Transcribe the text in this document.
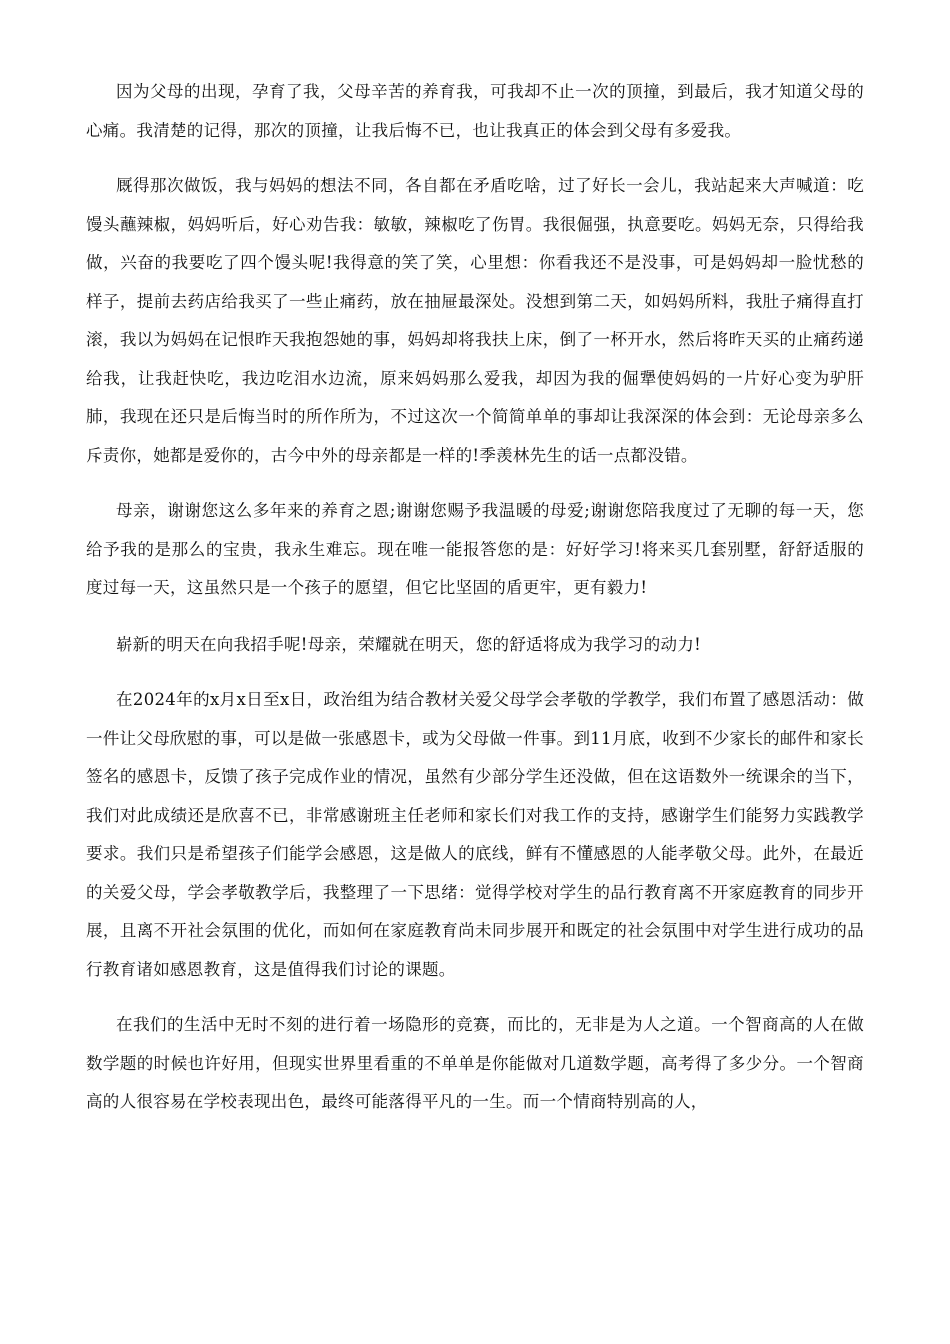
因为父母的出现，孕育了我，父母辛苦的养育我，可我却不止一次的顶撞，到最后，我才知道父母的心痛。我清楚的记得，那次的顶撞，让我后悔不已，也让我真正的体会到父母有多爱我。

厩得那次做饭，我与妈妈的想法不同，各自都在矛盾吃啥，过了好长一会儿，我站起来大声喊道：吃馒头蘸辣椒，妈妈听后，好心劝告我：敏敏，辣椒吃了伤胃。我很倔强，执意要吃。妈妈无奈，只得给我做，兴奋的我要吃了四个馒头呢!我得意的笑了笑，心里想：你看我还不是没事，可是妈妈却一脸忧愁的样子，提前去药店给我买了一些止痛药，放在抽屉最深处。没想到第二天，如妈妈所料，我肚子痛得直打滚，我以为妈妈在记恨昨天我抱怨她的事，妈妈却将我扶上床，倒了一杯开水，然后将昨天买的止痛药递给我，让我赶快吃，我边吃泪水边流，原来妈妈那么爱我，却因为我的倔犟使妈妈的一片好心变为驴肝肺，我现在还只是后悔当时的所作所为，不过这次一个简简单单的事却让我深深的体会到：无论母亲多么斥责你，她都是爱你的，古今中外的母亲都是一样的!季羡林先生的话一点都没错。

母亲，谢谢您这么多年来的养育之恩;谢谢您赐予我温暖的母爱;谢谢您陪我度过了无聊的每一天，您给予我的是那么的宝贵，我永生难忘。现在唯一能报答您的是：好好学习!将来买几套别墅，舒舒适服的度过每一天，这虽然只是一个孩子的愿望，但它比坚固的盾更牢，更有毅力!

崭新的明天在向我招手呢!母亲，荣耀就在明天，您的舒适将成为我学习的动力!

在2024年的x月x日至x日，政治组为结合教材关爱父母学会孝敬的学教学，我们布置了感恩活动：做一件让父母欣慰的事，可以是做一张感恩卡，或为父母做一件事。到11月底，收到不少家长的邮件和家长签名的感恩卡，反馈了孩子完成作业的情况，虽然有少部分学生还没做，但在这语数外一统课余的当下，我们对此成绩还是欣喜不已，非常感谢班主任老师和家长们对我工作的支持，感谢学生们能努力实践教学要求。我们只是希望孩子们能学会感恩，这是做人的底线，鲜有不懂感恩的人能孝敬父母。此外，在最近的关爱父母，学会孝敬教学后，我整理了一下思绪：觉得学校对学生的品行教育离不开家庭教育的同步开展，且离不开社会氛围的优化，而如何在家庭教育尚未同步展开和既定的社会氛围中对学生进行成功的品行教育诸如感恩教育，这是值得我们讨论的课题。

在我们的生活中无时不刻的进行着一场隐形的竞赛，而比的，无非是为人之道。一个智商高的人在做数学题的时候也许好用，但现实世界里看重的不单单是你能做对几道数学题，高考得了多少分。一个智商高的人很容易在学校表现出色，最终可能落得平凡的一生。而一个情商特别高的人，
